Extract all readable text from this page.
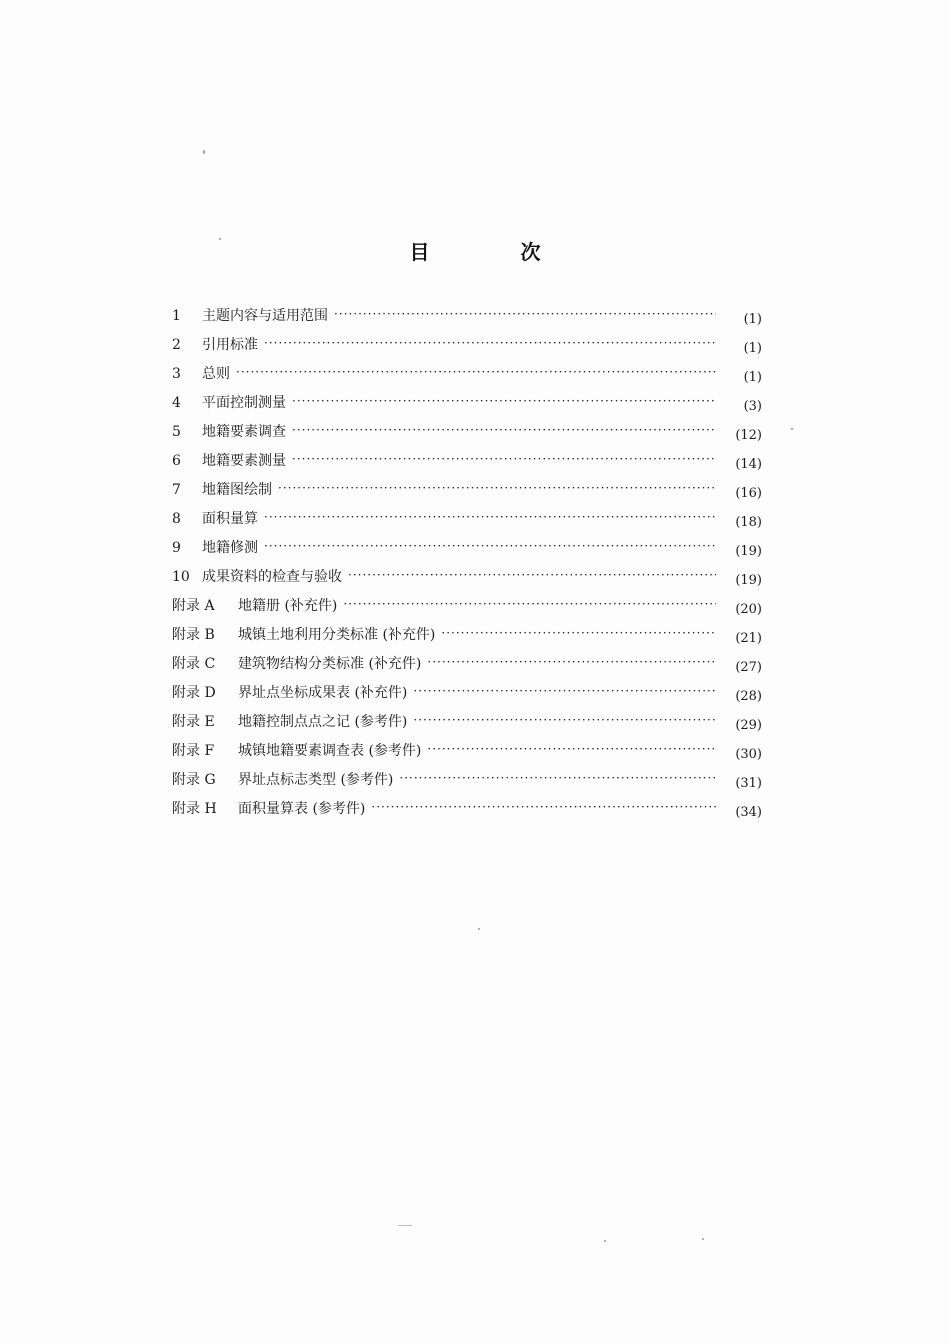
目 次
1	主题内容与适用范围 ·····	(1)
2	引用标准 ·····	(1)
3	总则 ·····	(1)
4	平面控制测量 ·····	(3)
5	地籍要素调查 ·····	(12)
6	地籍要素测量 ·····	(14)
7	地籍图绘制 ·····	(16)
8	面积量算 ·····	(18)
9	地籍修测 ·····	(19)
10 成果资料的检查与验收 ·····	(19)
附录 A	地籍册 (补充件) ·····	(20)
附录 B	城镇土地利用分类标准 (补充件) ·····	(21)
附录 C	建筑物结构分类标准 (补充件) ·····	(27)
附录 D	界址点坐标成果表 (补充件) ·····	(28)
附录 E	地籍控制点点之记 (参考件) ·····	(29)
附录 F	城镇地籍要素调查表 (参考件) ·····	(30)
附录 G	界址点标志类型 (参考件) ·····	(31)
附录 H	面积量算表 (参考件) ·····	(34)
